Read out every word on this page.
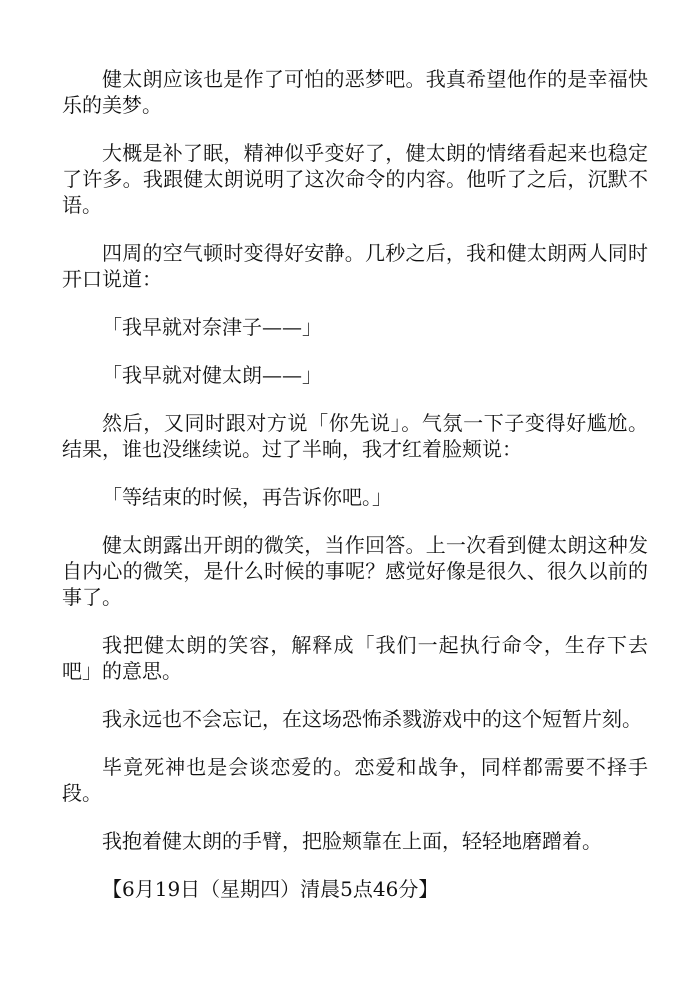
健太朗应该也是作了可怕的恶梦吧。我真希望他作的是幸福快乐的美梦。

大概是补了眠，精神似乎变好了，健太朗的情绪看起来也稳定了许多。我跟健太朗说明了这次命令的内容。他听了之后，沉默不语。

四周的空气顿时变得好安静。几秒之后，我和健太朗两人同时开口说道：

「我早就对奈津子——」

「我早就对健太朗——」

然后，又同时跟对方说「你先说」。气氛一下子变得好尴尬。结果，谁也没继续说。过了半晌，我才红着脸颊说：

「等结束的时候，再告诉你吧。」

健太朗露出开朗的微笑，当作回答。上一次看到健太朗这种发自内心的微笑，是什么时候的事呢？感觉好像是很久、很久以前的事了。

我把健太朗的笑容，解释成「我们一起执行命令，生存下去吧」的意思。

我永远也不会忘记，在这场恐怖杀戮游戏中的这个短暂片刻。

毕竟死神也是会谈恋爱的。恋爱和战争，同样都需要不择手段。

我抱着健太朗的手臂，把脸颊靠在上面，轻轻地磨蹭着。

【6月19日（星期四）清晨5点46分】
